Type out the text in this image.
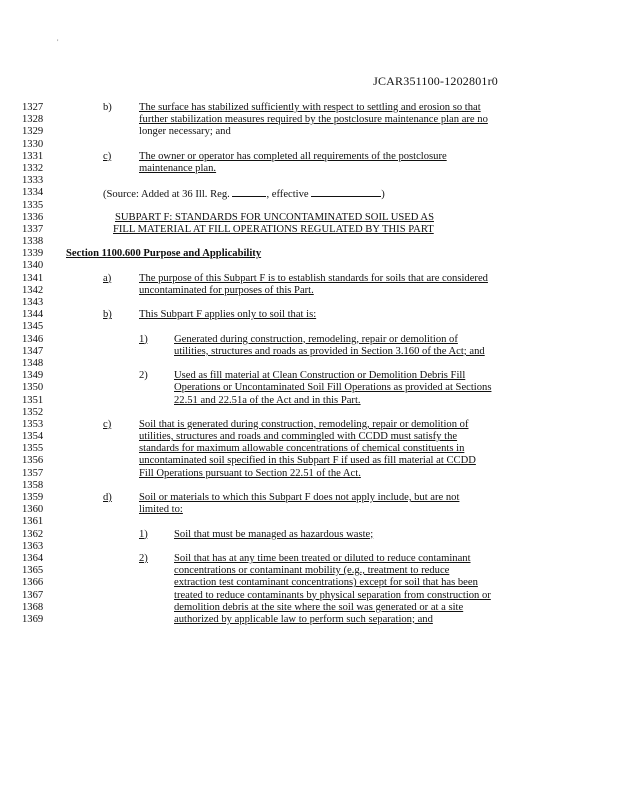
,
JCAR351100-1202801r0
1327	b)	The surface has stabilized sufficiently with respect to settling and erosion so that
1328	further stabilization measures required by the postclosure maintenance plan are no
1329	longer necessary; and
1330
1331	c)	The owner or operator has completed all requirements of the postclosure
1332	maintenance plan.
1333
1334	(Source: Added at 36 Ill. Reg.	, effective	)
1335
1336	SUBPART F: STANDARDS FOR UNCONTAMINATED SOIL USED AS
1337	FILL MATERIAL AT FILL OPERATIONS REGULATED BY THIS PART
1338
1339	Section 1100.600 Purpose and Applicability
1340
1341	a)	The purpose of this Subpart F is to establish standards for soils that are considered
1342	uncontaminated for purposes of this Part.
1343
1344	b)	This Subpart F applies only to soil that is:
1345
1346	1) Generated during construction, remodeling, repair or demolition of
1347	utilities, structures and roads as provided in Section 3.160 of the Act; and
1348
1349	2) Used as fill material at Clean Construction or Demolition Debris Fill
1350	Operations or Uncontaminated Soil Fill Operations as provided at Sections
1351	22.51 and 22.51a of the Act and in this Part.
1352
1353	c)	Soil that is generated during construction, remodeling, repair or demolition of
1354	utilities, structures and roads and commingled with CCDD must satisfy the
1355	standards for maximum allowable concentrations of chemical constituents in
1356	uncontaminated soil specified in this Subpart F if used as fill material at CCDD
1357	Fill Operations pursuant to Section 22.51 of the Act.
1358
1359	d)	Soil or materials to which this Subpart F does not apply include, but are not
1360	limited to:
1361
1362	1) Soil that must be managed as hazardous waste;
1363
1364	2) Soil that has at any time been treated or diluted to reduce contaminant
1365	concentrations or contaminant mobility (e.g., treatment to reduce
1366	extraction test contaminant concentrations) except for soil that has been
1367	treated to reduce contaminants by physical separation from construction or
1368	demolition debris at the site where the soil was generated or at a site
1369	authorized by applicable law to perform such separation; and
